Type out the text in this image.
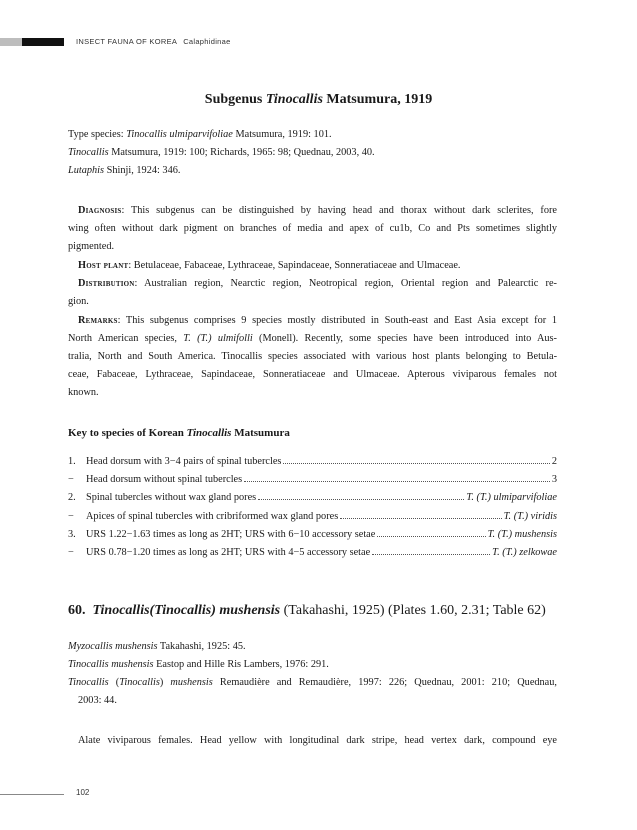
INSECT FAUNA OF KOREA Calaphidinae
Subgenus Tinocallis Matsumura, 1919
Type species: Tinocallis ulmiparvifoliae Matsumura, 1919: 101.
Tinocallis Matsumura, 1919: 100; Richards, 1965: 98; Quednau, 2003, 40.
Lutaphis Shinji, 1924: 346.
Diagnosis: This subgenus can be distinguished by having head and thorax without dark sclerites, fore
wing often without dark pigment on branches of media and apex of cu1b, Co and Pts sometimes slightly
pigmented.
Host plant: Betulaceae, Fabaceae, Lythraceae, Sapindaceae, Sonneratiaceae and Ulmaceae.
Distribution: Australian region, Nearctic region, Neotropical region, Oriental region and Palearctic re-
gion.
Remarks: This subgenus comprises 9 species mostly distributed in South-east and East Asia except for 1
North American species, T. (T.) ulmifolli (Monell). Recently, some species have been introduced into Aus-
tralia, North and South America. Tinocallis species associated with various host plants belonging to Betula-
ceae, Fabaceae, Lythraceae, Sapindaceae, Sonneratiaceae and Ulmaceae. Apterous viviparous females not
known.
Key to species of Korean Tinocallis Matsumura
1. Head dorsum with 3−4 pairs of spinal tubercles	2
−	Head dorsum without spinal tubercles	3
2. Spinal tubercles without wax gland pores	T. (T.) ulmiparvifoliae
−	Apices of spinal tubercles with cribriformed wax gland pores	T. (T.) viridis
3. URS 1.22−1.63 times as long as 2HT; URS with 6−10 accessory setae	T. (T.) mushensis
−	URS 0.78−1.20 times as long as 2HT; URS with 4−5 accessory setae	T. (T.) zelkowae
60. Tinocallis(Tinocallis) mushensis (Takahashi, 1925) (Plates 1.60, 2.31; Table 62)
Myzocallis mushensis Takahashi, 1925: 45.
Tinocallis mushensis Eastop and Hille Ris Lambers, 1976: 291.
Tinocallis (Tinocallis) mushensis Remaudière and Remaudière, 1997: 226; Quednau, 2001: 210; Quednau,
2003: 44.
Alate viviparous females. Head yellow with longitudinal dark stripe, head vertex dark, compound eye
102
